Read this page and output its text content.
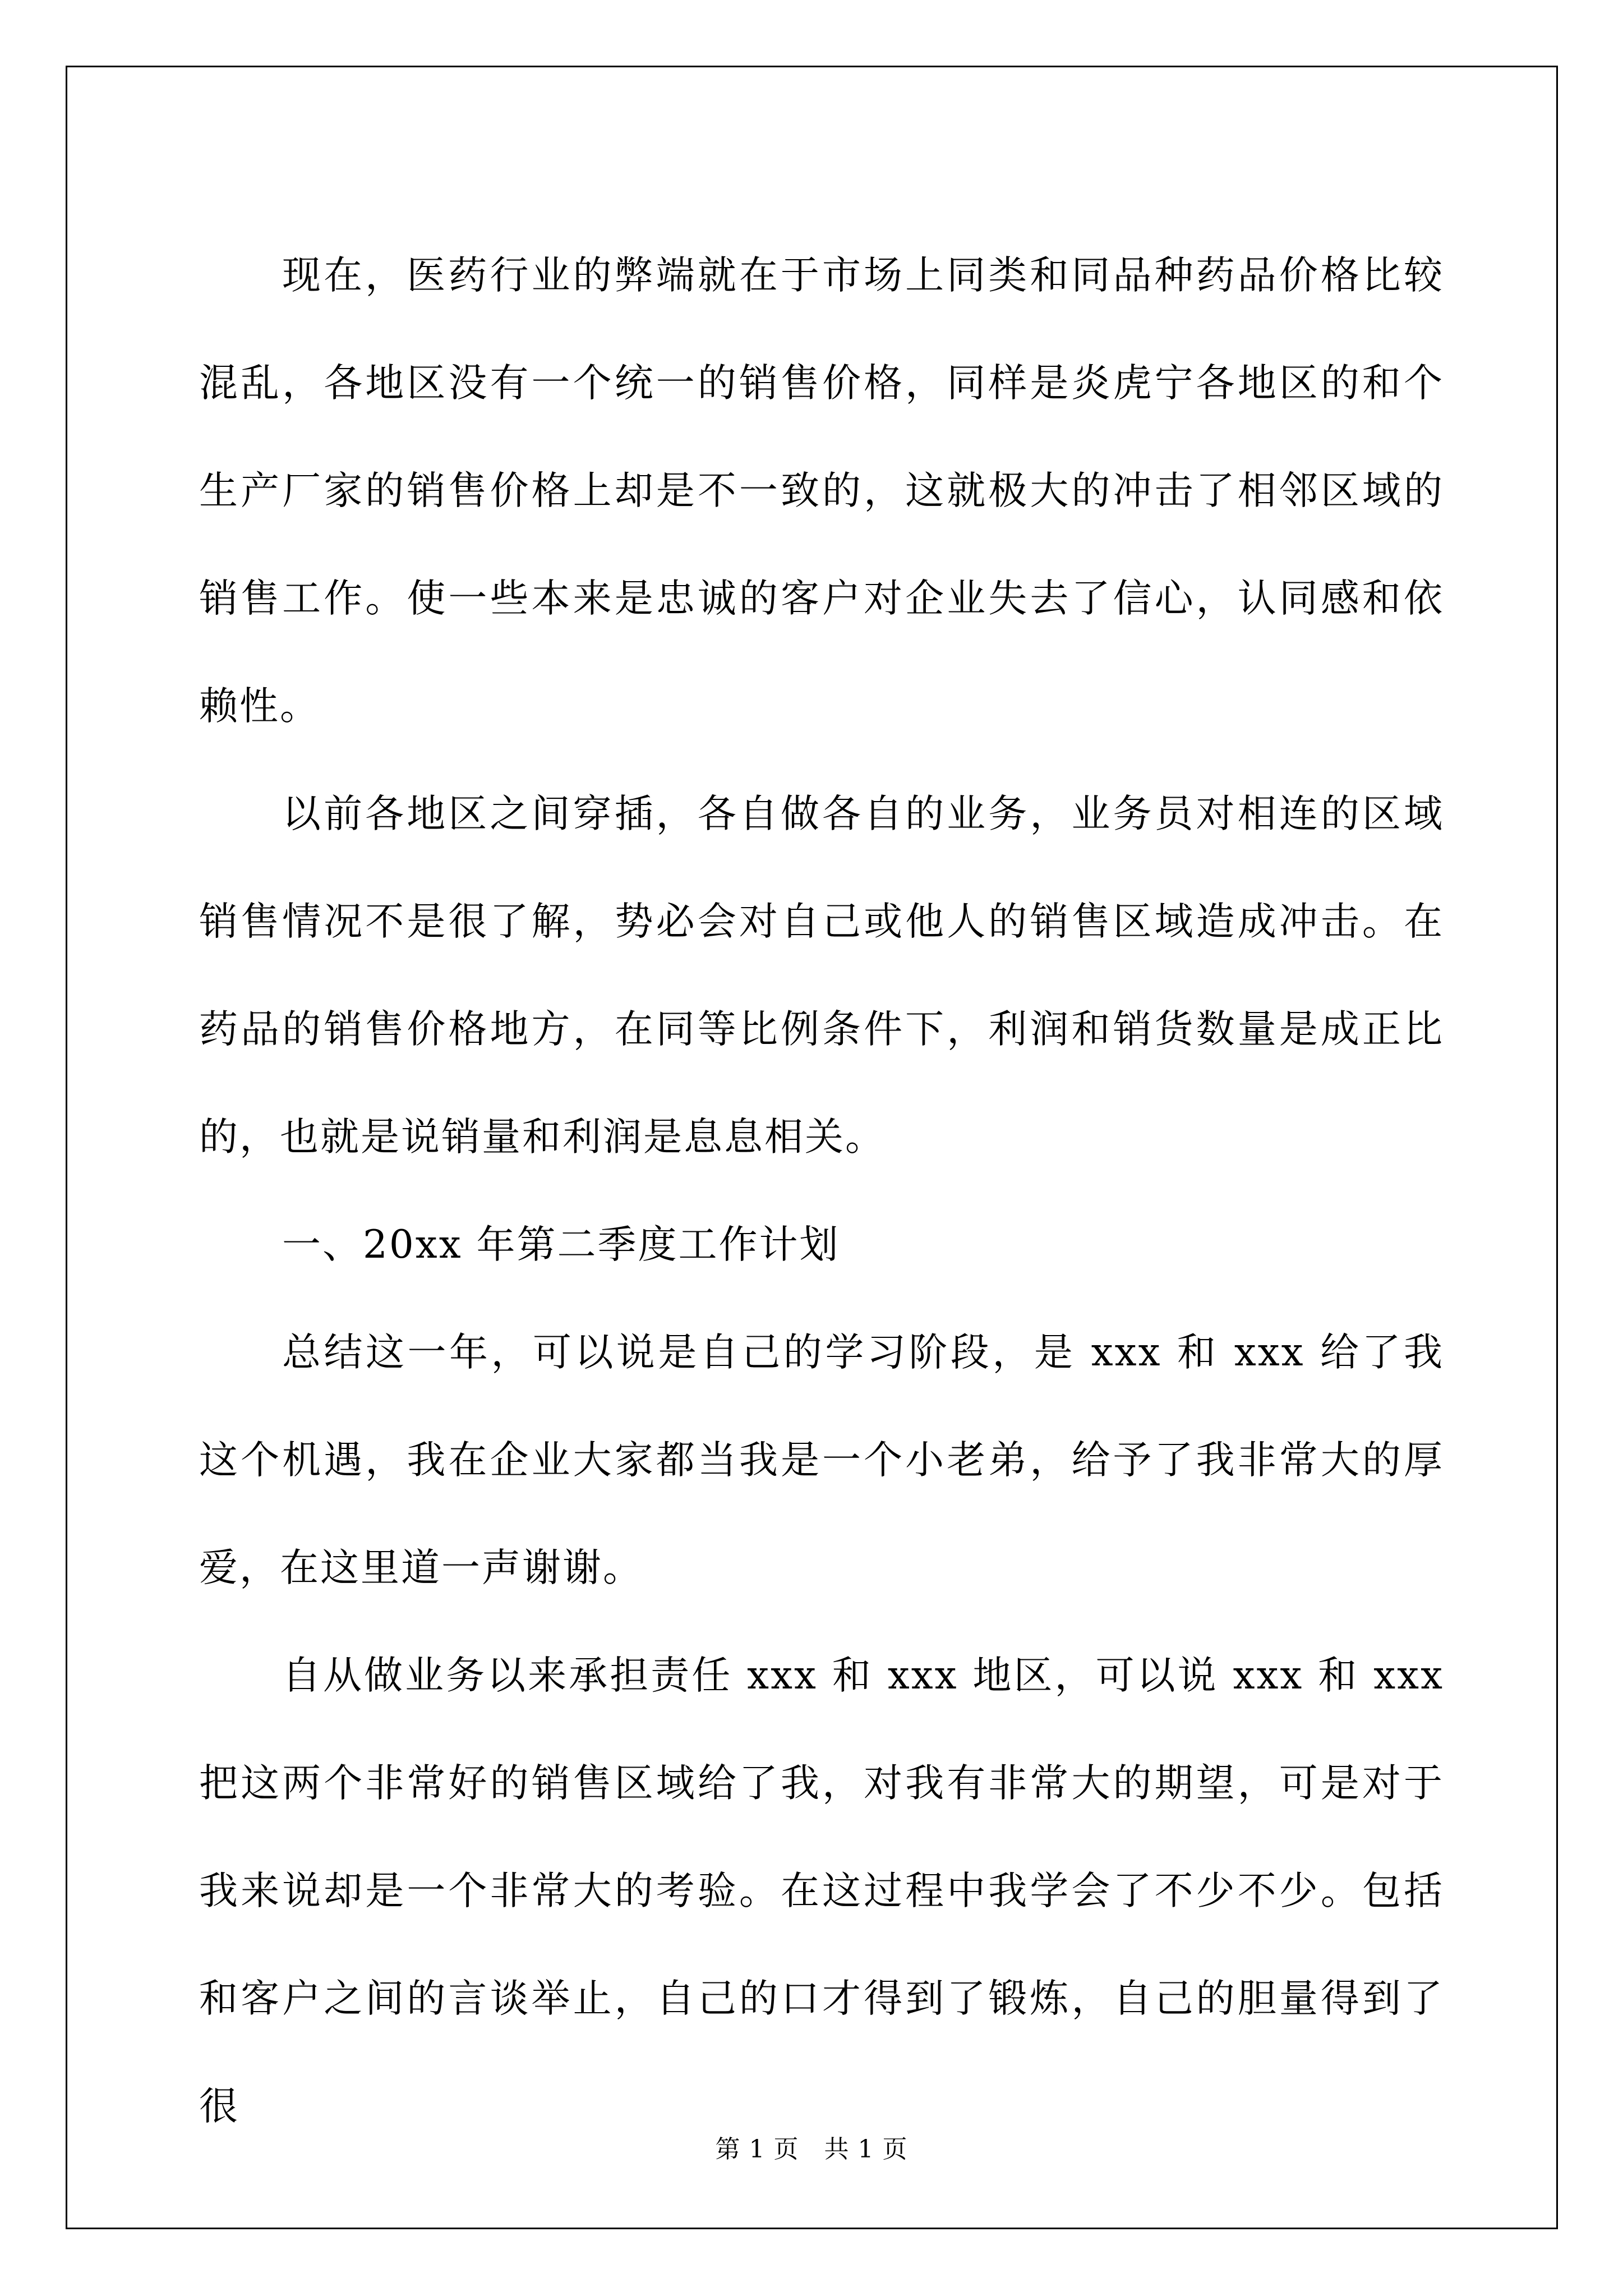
现在，医药行业的弊端就在于市场上同类和同品种药品价格比较混乱，各地区没有一个统一的销售价格，同样是炎虎宁各地区的和个生产厂家的销售价格上却是不一致的，这就极大的冲击了相邻区域的销售工作。使一些本来是忠诚的客户对企业失去了信心，认同感和依赖性。

以前各地区之间穿插，各自做各自的业务，业务员对相连的区域销售情况不是很了解，势必会对自己或他人的销售区域造成冲击。在药品的销售价格地方，在同等比例条件下，利润和销货数量是成正比的，也就是说销量和利润是息息相关。

一、20xx 年第二季度工作计划

总结这一年，可以说是自己的学习阶段，是 xxx 和 xxx 给了我这个机遇，我在企业大家都当我是一个小老弟，给予了我非常大的厚爱，在这里道一声谢谢。

自从做业务以来承担责任 xxx 和 xxx 地区，可以说 xxx 和 xxx 把这两个非常好的销售区域给了我，对我有非常大的期望，可是对于我来说却是一个非常大的考验。在这过程中我学会了不少不少。包括和客户之间的言谈举止，自己的口才得到了锻炼，自己的胆量得到了很

第 1 页　共 1 页
